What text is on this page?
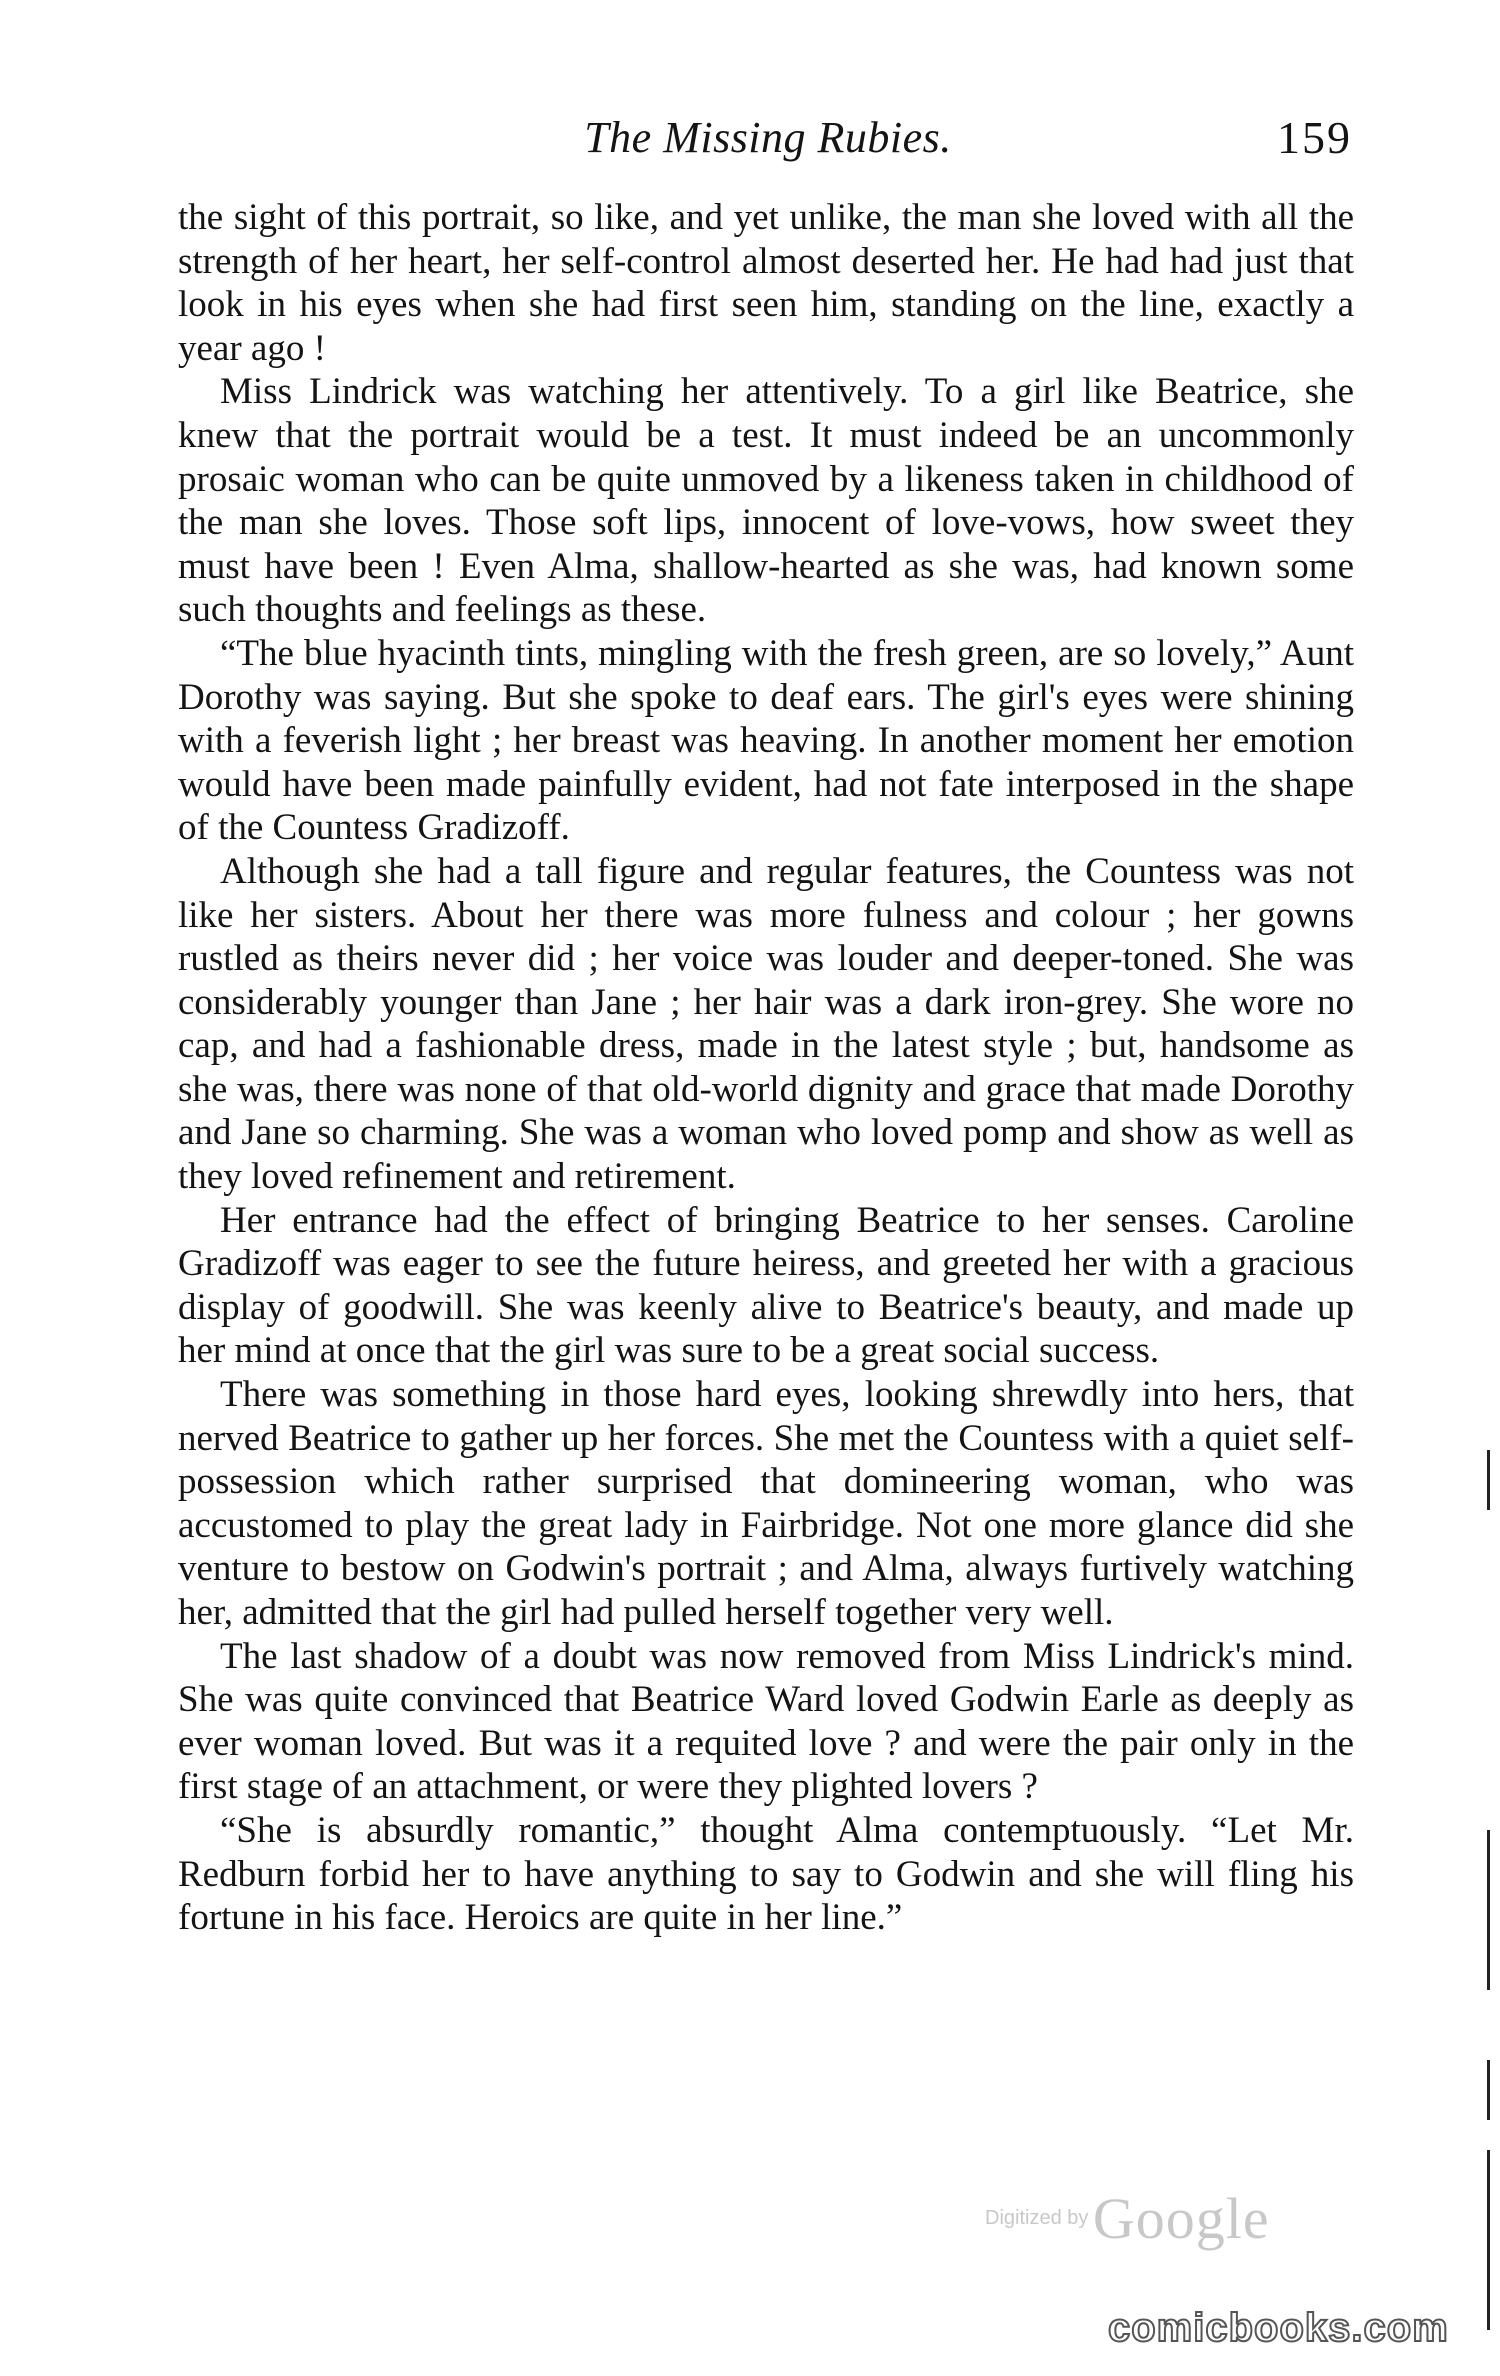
The Missing Rubies.	159

the sight of this portrait, so like, and yet unlike, the man she loved with all the strength of her heart, her self-control almost deserted her. He had had just that look in his eyes when she had first seen him, standing on the line, exactly a year ago !

Miss Lindrick was watching her attentively. To a girl like Beatrice, she knew that the portrait would be a test. It must indeed be an uncommonly prosaic woman who can be quite unmoved by a likeness taken in childhood of the man she loves. Those soft lips, innocent of love-vows, how sweet they must have been ! Even Alma, shallow-hearted as she was, had known some such thoughts and feelings as these.

“The blue hyacinth tints, mingling with the fresh green, are so lovely,” Aunt Dorothy was saying. But she spoke to deaf ears. The girl's eyes were shining with a feverish light ; her breast was heaving. In another moment her emotion would have been made painfully evident, had not fate interposed in the shape of the Countess Gradizoff.

Although she had a tall figure and regular features, the Countess was not like her sisters. About her there was more fulness and colour ; her gowns rustled as theirs never did ; her voice was louder and deeper-toned. She was considerably younger than Jane ; her hair was a dark iron-grey. She wore no cap, and had a fashionable dress, made in the latest style ; but, handsome as she was, there was none of that old-world dignity and grace that made Dorothy and Jane so charming. She was a woman who loved pomp and show as well as they loved refinement and retirement.

Her entrance had the effect of bringing Beatrice to her senses. Caroline Gradizoff was eager to see the future heiress, and greeted her with a gracious display of goodwill. She was keenly alive to Beatrice's beauty, and made up her mind at once that the girl was sure to be a great social success.

There was something in those hard eyes, looking shrewdly into hers, that nerved Beatrice to gather up her forces. She met the Countess with a quiet self-possession which rather surprised that domineering woman, who was accustomed to play the great lady in Fairbridge. Not one more glance did she venture to bestow on Godwin's portrait ; and Alma, always furtively watching her, admitted that the girl had pulled herself together very well.

The last shadow of a doubt was now removed from Miss Lindrick's mind. She was quite convinced that Beatrice Ward loved Godwin Earle as deeply as ever woman loved. But was it a requited love ? and were the pair only in the first stage of an attachment, or were they plighted lovers ?

“She is absurdly romantic,” thought Alma contemptuously. “Let Mr. Redburn forbid her to have anything to say to Godwin and she will fling his fortune in his face. Heroics are quite in her line.”

Digitized by Google
comicbooks.com
